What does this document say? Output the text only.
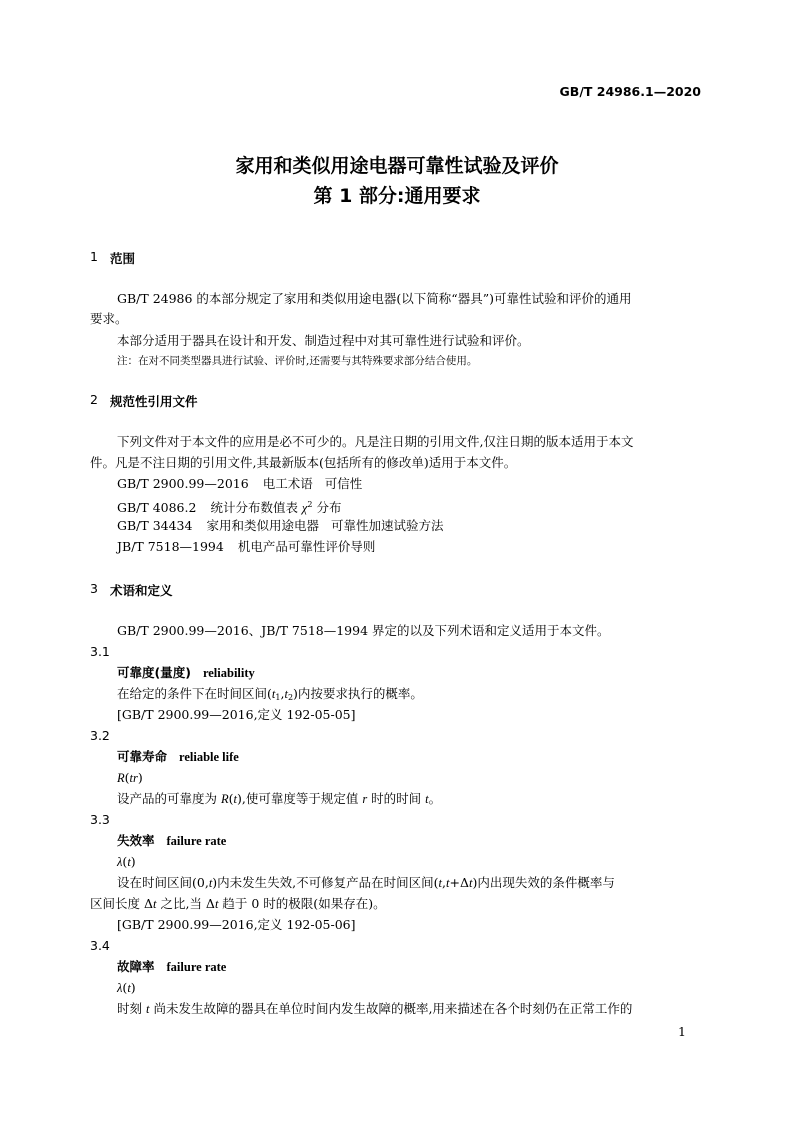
GB/T 24986.1—2020
家用和类似用途电器可靠性试验及评价
第 1 部分:通用要求
1 范围
GB/T 24986 的本部分规定了家用和类似用途电器(以下简称“器具”)可靠性试验和评价的通用
要求。
本部分适用于器具在设计和开发、制造过程中对其可靠性进行试验和评价。
注：在对不同类型器具进行试验、评价时,还需要与其特殊要求部分结合使用。
2 规范性引用文件
下列文件对于本文件的应用是必不可少的。凡是注日期的引用文件,仅注日期的版本适用于本文
件。凡是不注日期的引用文件,其最新版本(包括所有的修改单)适用于本文件。
GB/T 2900.99—2016 电工术语 可信性
GB/T 4086.2 统计分布数值表 $\chi^2$ 分布
GB/T 34434 家用和类似用途电器 可靠性加速试验方法
JB/T 7518—1994 机电产品可靠性评价导则
3 术语和定义
GB/T 2900.99—2016、JB/T 7518—1994 界定的以及下列术语和定义适用于本文件。
3.1
可靠度(量度) reliability
在给定的条件下在时间区间$(t_1,t_2)$内按要求执行的概率。
[GB/T 2900.99—2016,定义 192-05-05]
3.2
可靠寿命 reliable life
R(tr)
设产品的可靠度为 R(t),使可靠度等于规定值 r 时的时间 t。
3.3
失效率 failure rate
λ(t)
设在时间区间(0,t)内未发生失效,不可修复产品在时间区间(t,t+Δt)内出现失效的条件概率与
区间长度 Δt 之比,当 Δt 趋于 0 时的极限(如果存在)。
[GB/T 2900.99—2016,定义 192-05-06]
3.4
故障率 failure rate
λ(t)
时刻 t 尚未发生故障的器具在单位时间内发生故障的概率,用来描述在各个时刻仍在正常工作的
1
